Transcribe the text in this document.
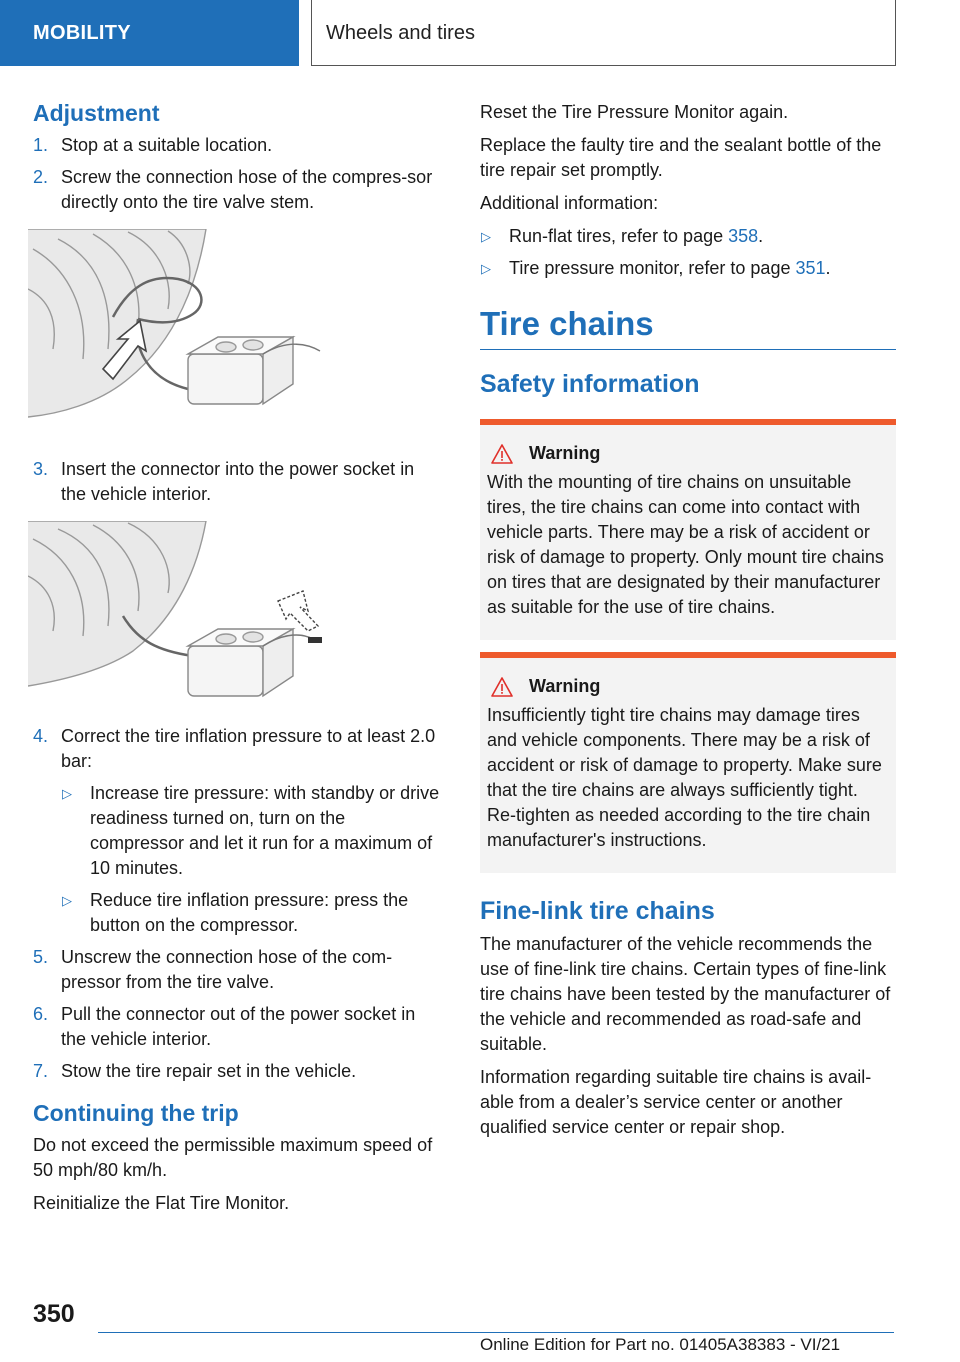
MOBILITY	Wheels and tires
Adjustment
1. Stop at a suitable location.
2. Screw the connection hose of the compres-sor directly onto the tire valve stem.
3. Insert the connector into the power socket in the vehicle interior.
4. Correct the tire inflation pressure to at least 2.0 bar:
▷ Increase tire pressure: with standby or drive readiness turned on, turn on the compressor and let it run for a maximum of 10 minutes.
▷ Reduce tire inflation pressure: press the button on the compressor.
5. Unscrew the connection hose of the com-pressor from the tire valve.
6. Pull the connector out of the power socket in the vehicle interior.
7. Stow the tire repair set in the vehicle.
Continuing the trip

Do not exceed the permissible maximum speed of 50 mph/80 km/h.

Reinitialize the Flat Tire Monitor.

Reset the Tire Pressure Monitor again.

Replace the faulty tire and the sealant bottle of the tire repair set promptly.

Additional information:

▷ Run-flat tires, refer to page 358.
▷ Tire pressure monitor, refer to page 351.
Tire chains
Safety information
Warning

With the mounting of tire chains on unsuitable tires, the tire chains can come into contact with vehicle parts. There may be a risk of accident or risk of damage to property. Only mount tire chains on tires that are designated by their manufacturer as suitable for the use of tire chains.

Warning

Insufficiently tight tire chains may damage tires and vehicle components. There may be a risk of accident or risk of damage to property. Make sure that the tire chains are always sufficiently tight. Re-tighten as needed according to the tire chain manufacturer's instructions.

Fine-link tire chains

The manufacturer of the vehicle recommends the use of fine-link tire chains. Certain types of fine-link tire chains have been tested by the manufacturer of the vehicle and recommended as road-safe and suitable.

Information regarding suitable tire chains is avail-able from a dealer’s service center or another qualified service center or repair shop.

350
Online Edition for Part no. 01405A38383 - VI/21
